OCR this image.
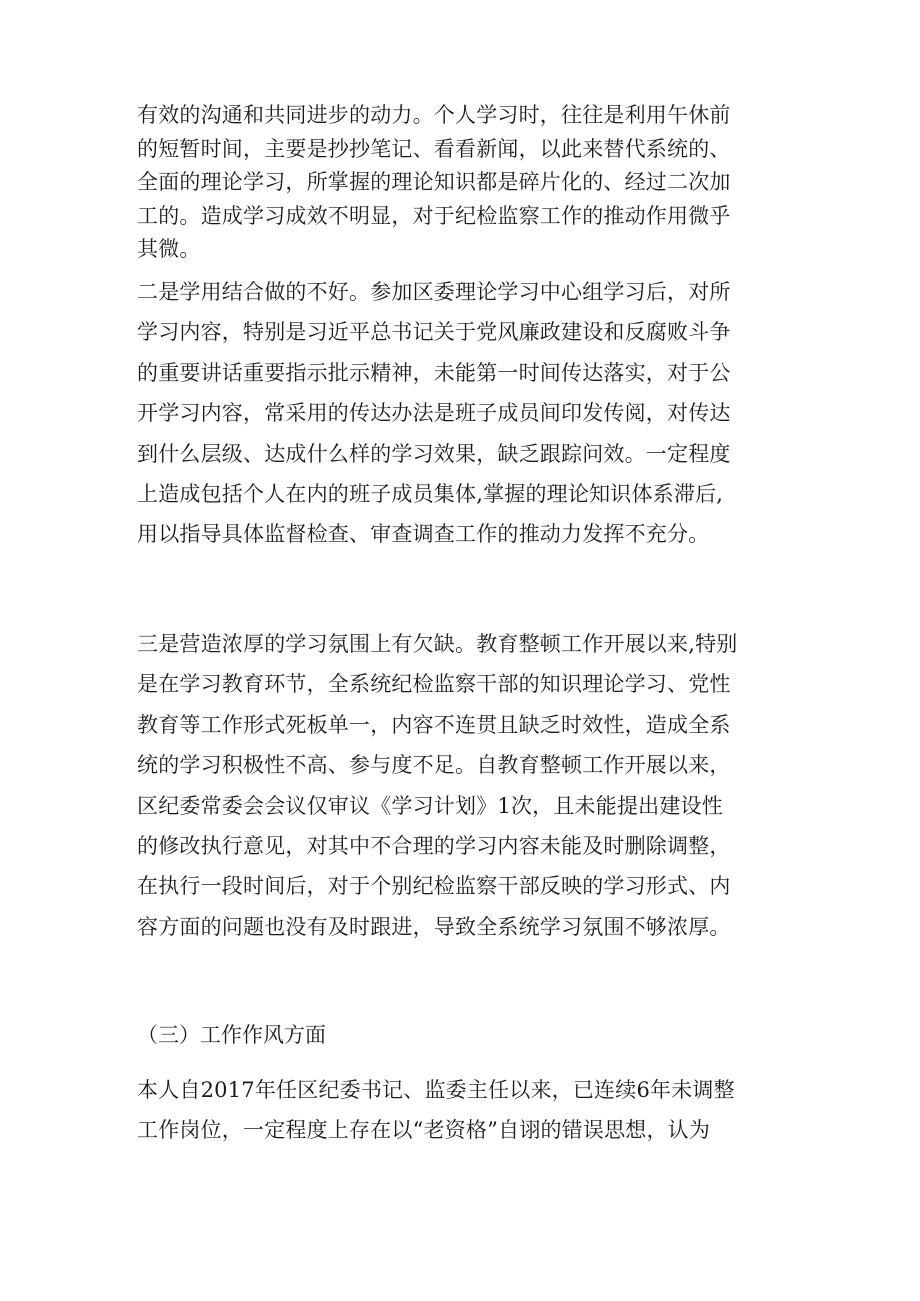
有效的沟通和共同进步的动力。个人学习时，往往是利用午休前
的短暂时间，主要是抄抄笔记、看看新闻，以此来替代系统的、
全面的理论学习，所掌握的理论知识都是碎片化的、经过二次加
工的。造成学习成效不明显，对于纪检监察工作的推动作用微乎
其微。
二是学用结合做的不好。参加区委理论学习中心组学习后，对所
学习内容，特别是习近平总书记关于党风廉政建设和反腐败斗争
的重要讲话重要指示批示精神，未能第一时间传达落实，对于公
开学习内容，常采用的传达办法是班子成员间印发传阅，对传达
到什么层级、达成什么样的学习效果，缺乏跟踪问效。一定程度
上造成包括个人在内的班子成员集体,掌握的理论知识体系滞后,
用以指导具体监督检查、审查调查工作的推动力发挥不充分。
三是营造浓厚的学习氛围上有欠缺。教育整顿工作开展以来,特别
是在学习教育环节，全系统纪检监察干部的知识理论学习、党性
教育等工作形式死板单一，内容不连贯且缺乏时效性，造成全系
统的学习积极性不高、参与度不足。自教育整顿工作开展以来，
区纪委常委会会议仅审议《学习计划》1次，且未能提出建设性
的修改执行意见，对其中不合理的学习内容未能及时删除调整，
在执行一段时间后，对于个别纪检监察干部反映的学习形式、内
容方面的问题也没有及时跟进，导致全系统学习氛围不够浓厚。
（三）工作作风方面
本人自2017年任区纪委书记、监委主任以来，已连续6年未调整
工作岗位，一定程度上存在以“老资格”自诩的错误思想，认为
